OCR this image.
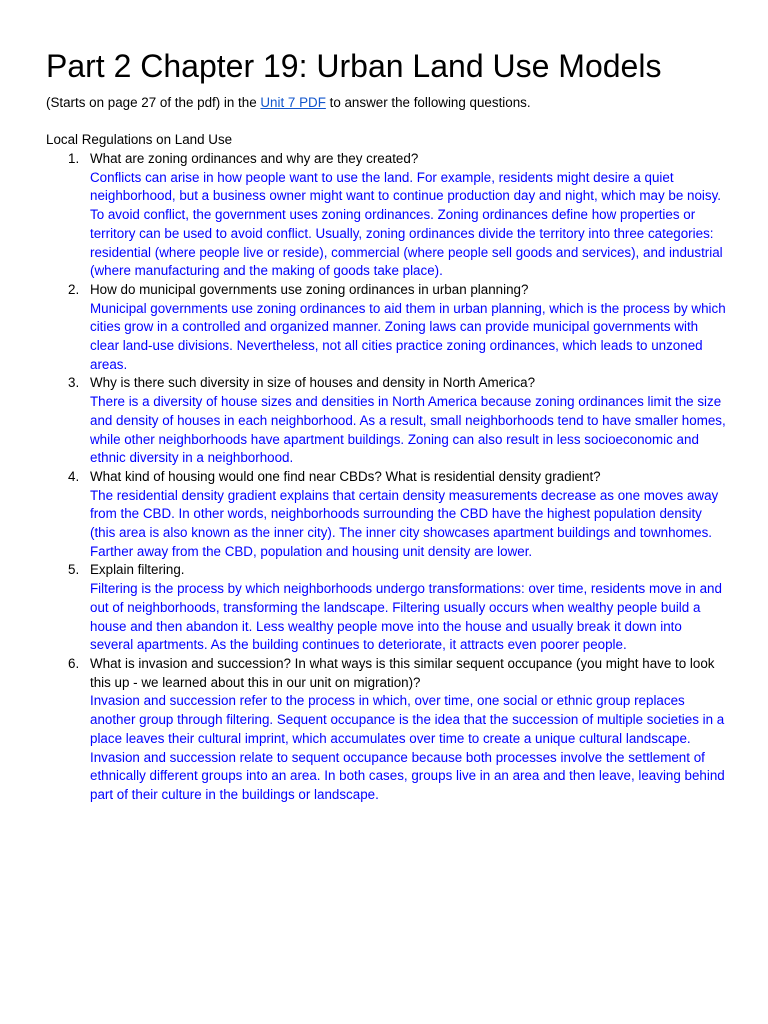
Part 2 Chapter 19: Urban Land Use Models
(Starts on page 27 of the pdf) in the Unit 7 PDF to answer the following questions.
Local Regulations on Land Use
1. What are zoning ordinances and why are they created?
Conflicts can arise in how people want to use the land. For example, residents might desire a quiet neighborhood, but a business owner might want to continue production day and night, which may be noisy. To avoid conflict, the government uses zoning ordinances. Zoning ordinances define how properties or territory can be used to avoid conflict. Usually, zoning ordinances divide the territory into three categories: residential (where people live or reside), commercial (where people sell goods and services), and industrial (where manufacturing and the making of goods take place).
2. How do municipal governments use zoning ordinances in urban planning?
Municipal governments use zoning ordinances to aid them in urban planning, which is the process by which cities grow in a controlled and organized manner. Zoning laws can provide municipal governments with clear land-use divisions. Nevertheless, not all cities practice zoning ordinances, which leads to unzoned areas.
3. Why is there such diversity in size of houses and density in North America?
There is a diversity of house sizes and densities in North America because zoning ordinances limit the size and density of houses in each neighborhood. As a result, small neighborhoods tend to have smaller homes, while other neighborhoods have apartment buildings. Zoning can also result in less socioeconomic and ethnic diversity in a neighborhood.
4. What kind of housing would one find near CBDs? What is residential density gradient?
The residential density gradient explains that certain density measurements decrease as one moves away from the CBD. In other words, neighborhoods surrounding the CBD have the highest population density (this area is also known as the inner city). The inner city showcases apartment buildings and townhomes. Farther away from the CBD, population and housing unit density are lower.
5. Explain filtering.
Filtering is the process by which neighborhoods undergo transformations: over time, residents move in and out of neighborhoods, transforming the landscape. Filtering usually occurs when wealthy people build a house and then abandon it. Less wealthy people move into the house and usually break it down into several apartments. As the building continues to deteriorate, it attracts even poorer people.
6. What is invasion and succession? In what ways is this similar sequent occupance (you might have to look this up - we learned about this in our unit on migration)?
Invasion and succession refer to the process in which, over time, one social or ethnic group replaces another group through filtering. Sequent occupance is the idea that the succession of multiple societies in a place leaves their cultural imprint, which accumulates over time to create a unique cultural landscape. Invasion and succession relate to sequent occupance because both processes involve the settlement of ethnically different groups into an area. In both cases, groups live in an area and then leave, leaving behind part of their culture in the buildings or landscape.
